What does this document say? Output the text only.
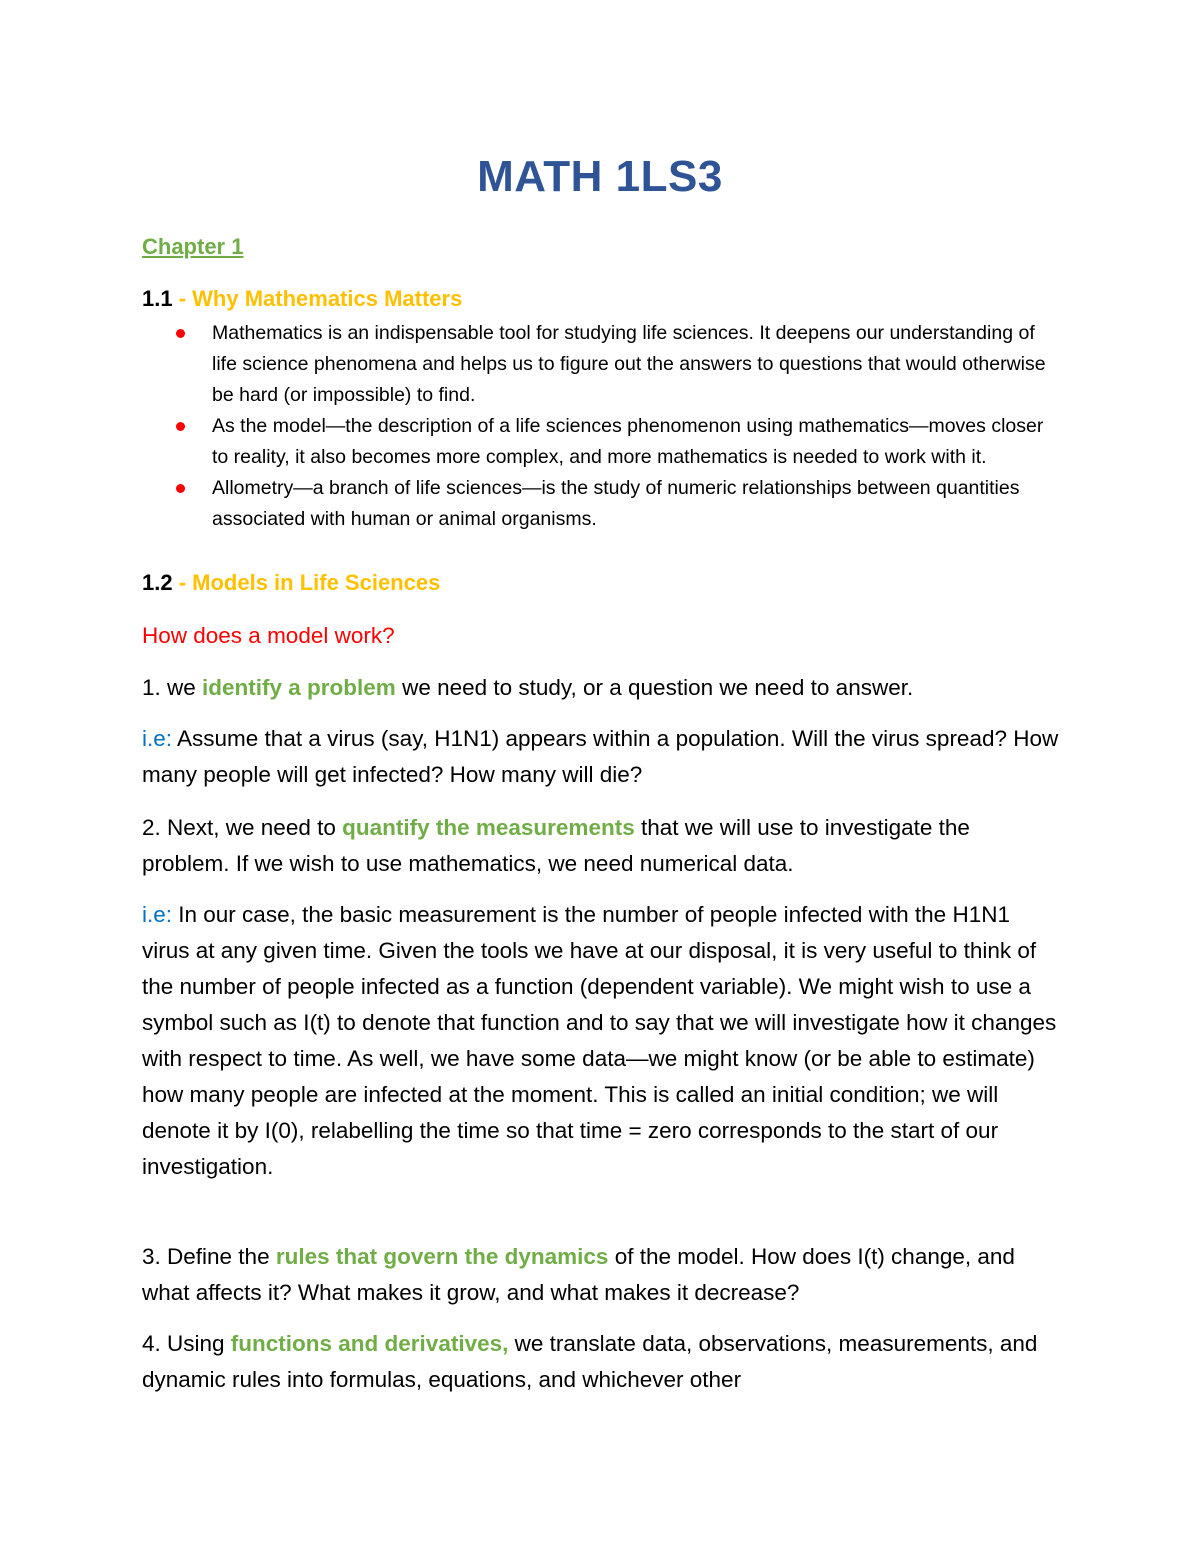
MATH 1LS3
Chapter 1
1.1 - Why Mathematics Matters
Mathematics is an indispensable tool for studying life sciences. It deepens our understanding of life science phenomena and helps us to figure out the answers to questions that would otherwise be hard (or impossible) to find.
As the model—the description of a life sciences phenomenon using mathematics—moves closer to reality, it also becomes more complex, and more mathematics is needed to work with it.
Allometry—a branch of life sciences—is the study of numeric relationships between quantities associated with human or animal organisms.
1.2 - Models in Life Sciences
How does a model work?
1. we identify a problem we need to study, or a question we need to answer.
i.e: Assume that a virus (say, H1N1) appears within a population. Will the virus spread? How many people will get infected? How many will die?
2. Next, we need to quantify the measurements that we will use to investigate the problem. If we wish to use mathematics, we need numerical data.
i.e: In our case, the basic measurement is the number of people infected with the H1N1 virus at any given time. Given the tools we have at our disposal, it is very useful to think of the number of people infected as a function (dependent variable). We might wish to use a symbol such as I(t) to denote that function and to say that we will investigate how it changes with respect to time. As well, we have some data—we might know (or be able to estimate) how many people are infected at the moment. This is called an initial condition; we will denote it by I(0), relabelling the time so that time = zero corresponds to the start of our investigation.
3. Define the rules that govern the dynamics of the model. How does I(t) change, and what affects it? What makes it grow, and what makes it decrease?
4. Using functions and derivatives, we translate data, observations, measurements, and dynamic rules into formulas, equations, and whichever other
